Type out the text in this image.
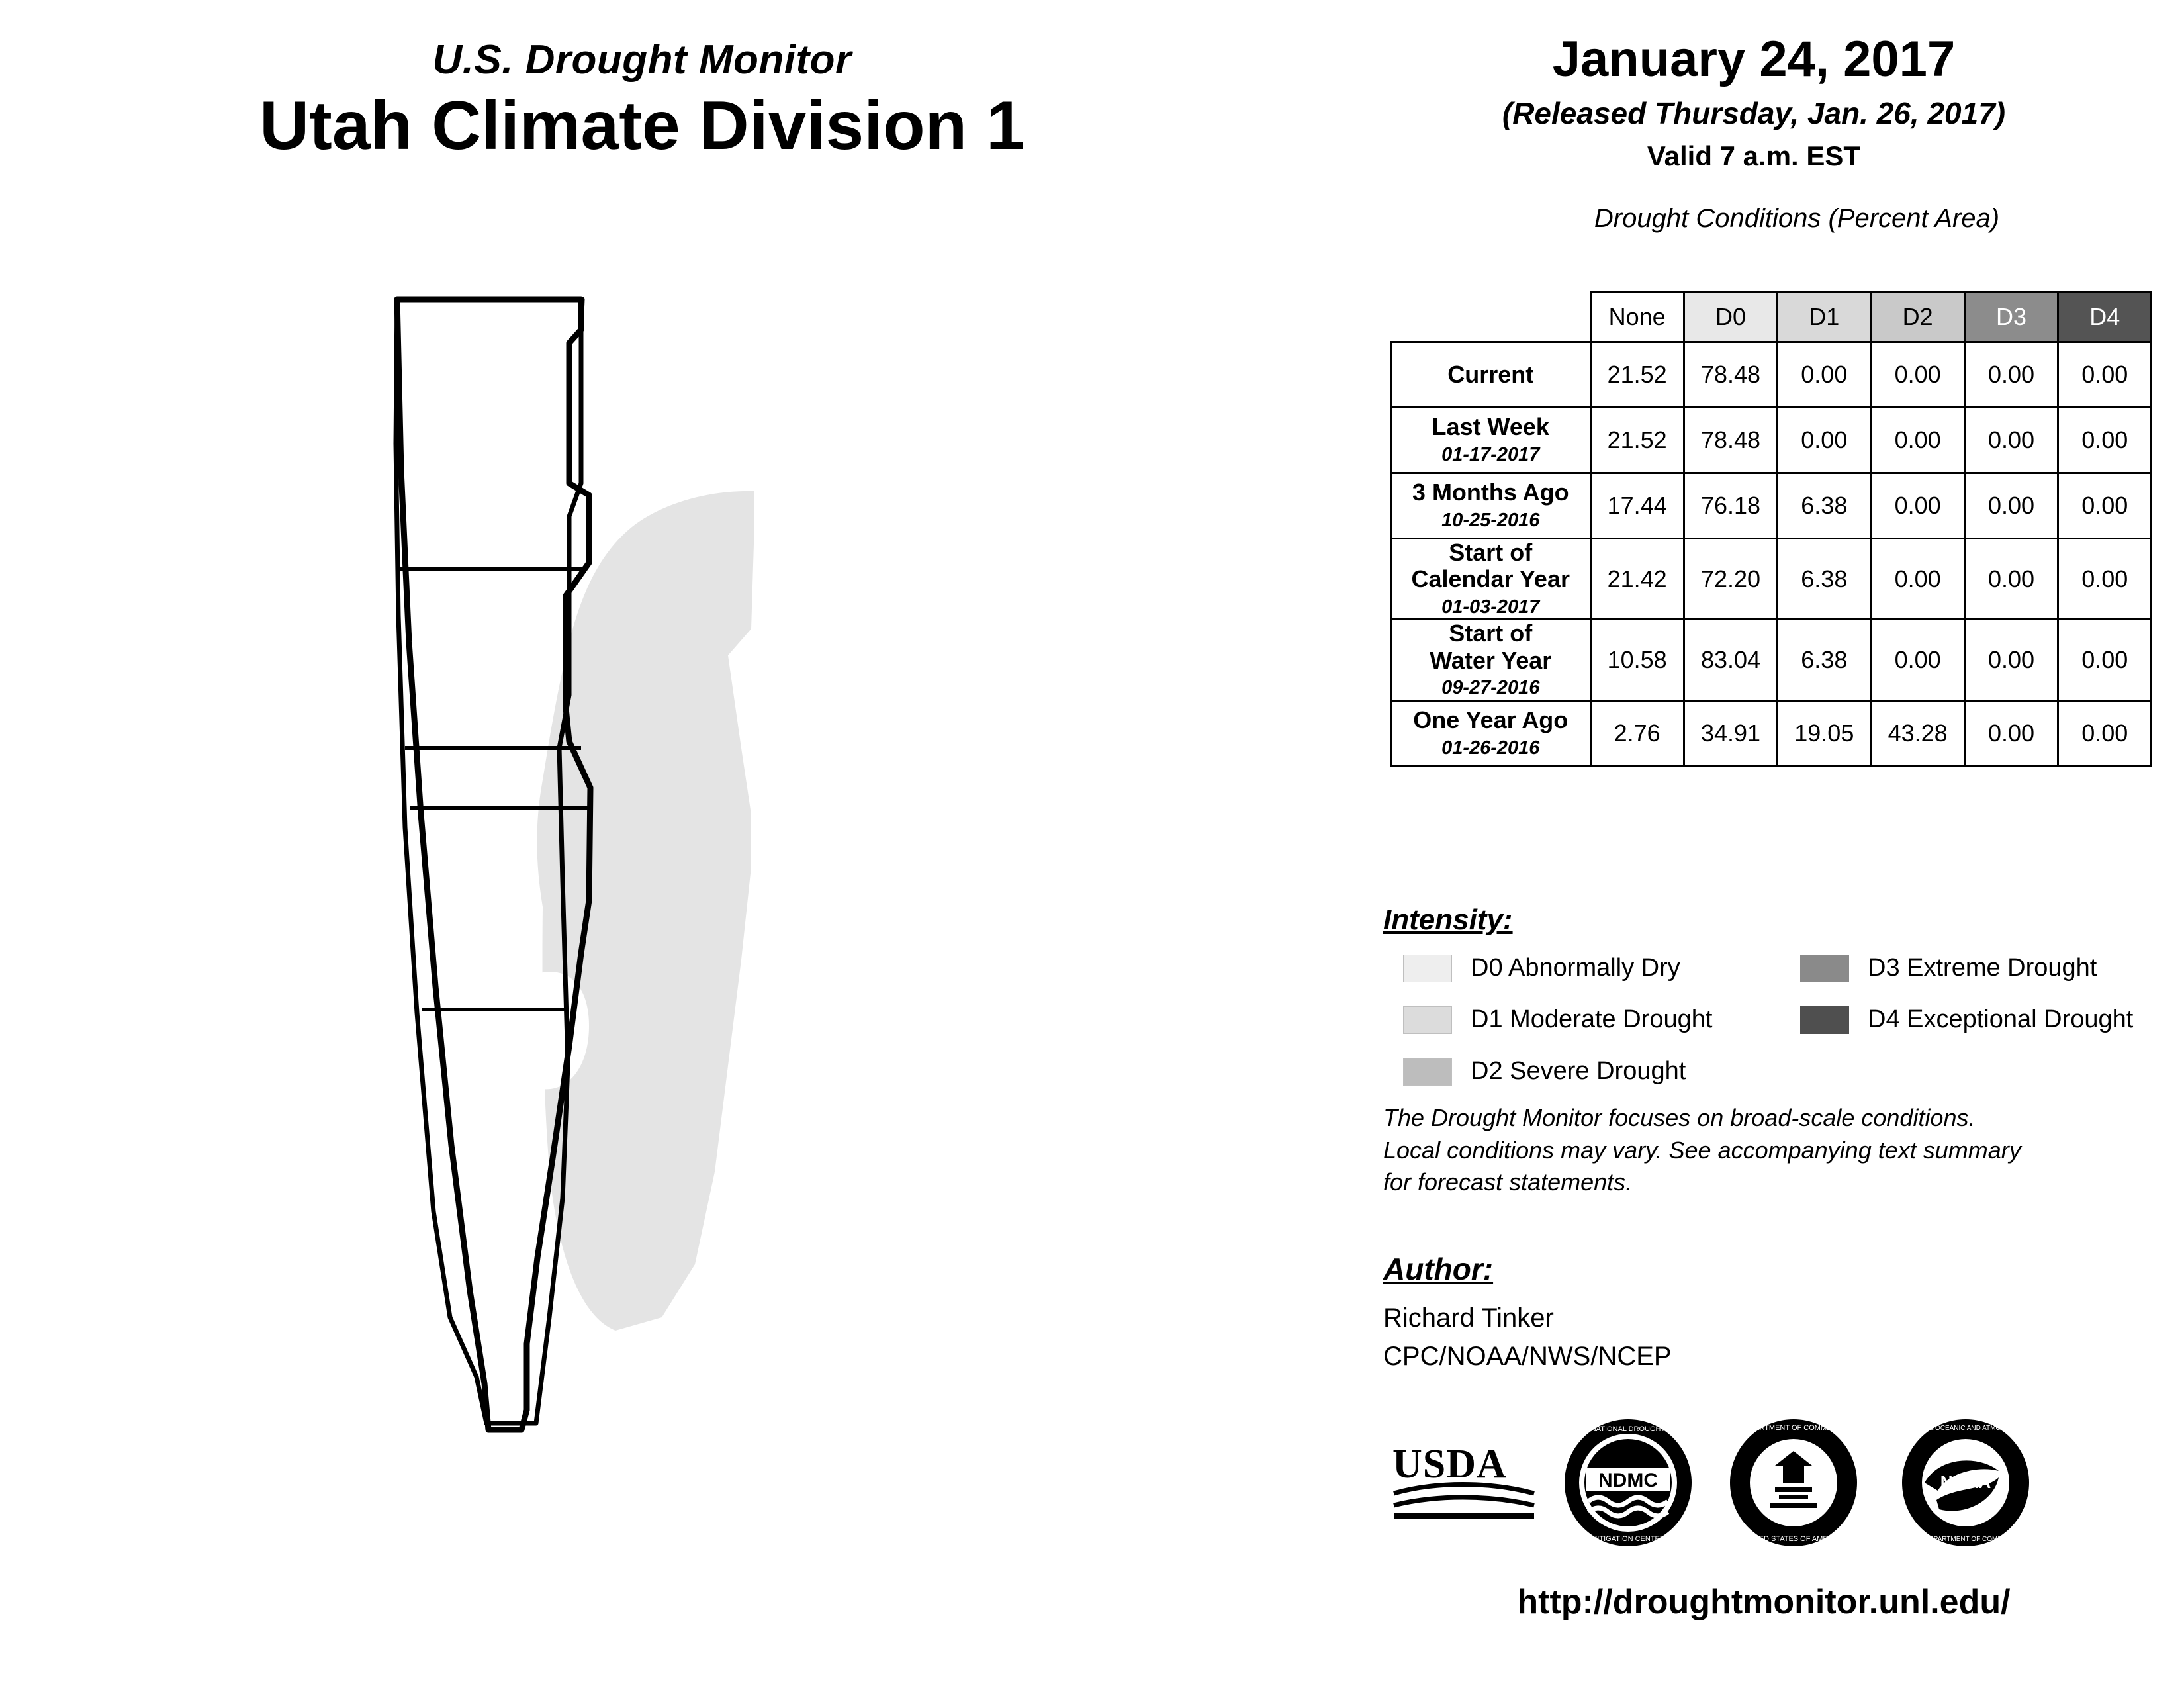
U.S. Drought Monitor
Utah Climate Division 1
January 24, 2017
(Released Thursday, Jan. 26, 2017)
Valid 7 a.m. EST
Drought Conditions (Percent Area)
	None	D0	D1	D2	D3	D4

Current	21.52	78.48	0.00	0.00	0.00	0.00

Last Week
01-17-2017	21.52	78.48	0.00	0.00	0.00	0.00

3 Months Ago
10-25-2016	17.44	76.18	6.38	0.00	0.00	0.00

Start of
Calendar Year
01-03-2017	21.42	72.20	6.38	0.00	0.00	0.00

Start of
Water Year
09-27-2016	10.58	83.04	6.38	0.00	0.00	0.00

One Year Ago
01-26-2016	2.76	34.91	19.05	43.28	0.00	0.00
Intensity:
D0 Abnormally Dry
D1 Moderate Drought
D2 Severe Drought
D3 Extreme Drought
D4 Exceptional Drought
The Drought Monitor focuses on broad-scale conditions.
Local conditions may vary. See accompanying text summary
for forecast statements.
Author:
Richard Tinker
CPC/NOAA/NWS/NCEP
USDA	NDMC
NATIONAL DROUGHT
MITIGATION CENTER
DEPARTMENT OF COMMERCE
UNITED STATES OF AMERICA
NOAA
NATIONAL OCEANIC AND ATMOSPHERIC
U.S. DEPARTMENT OF COMMERCE
http://droughtmonitor.unl.edu/
